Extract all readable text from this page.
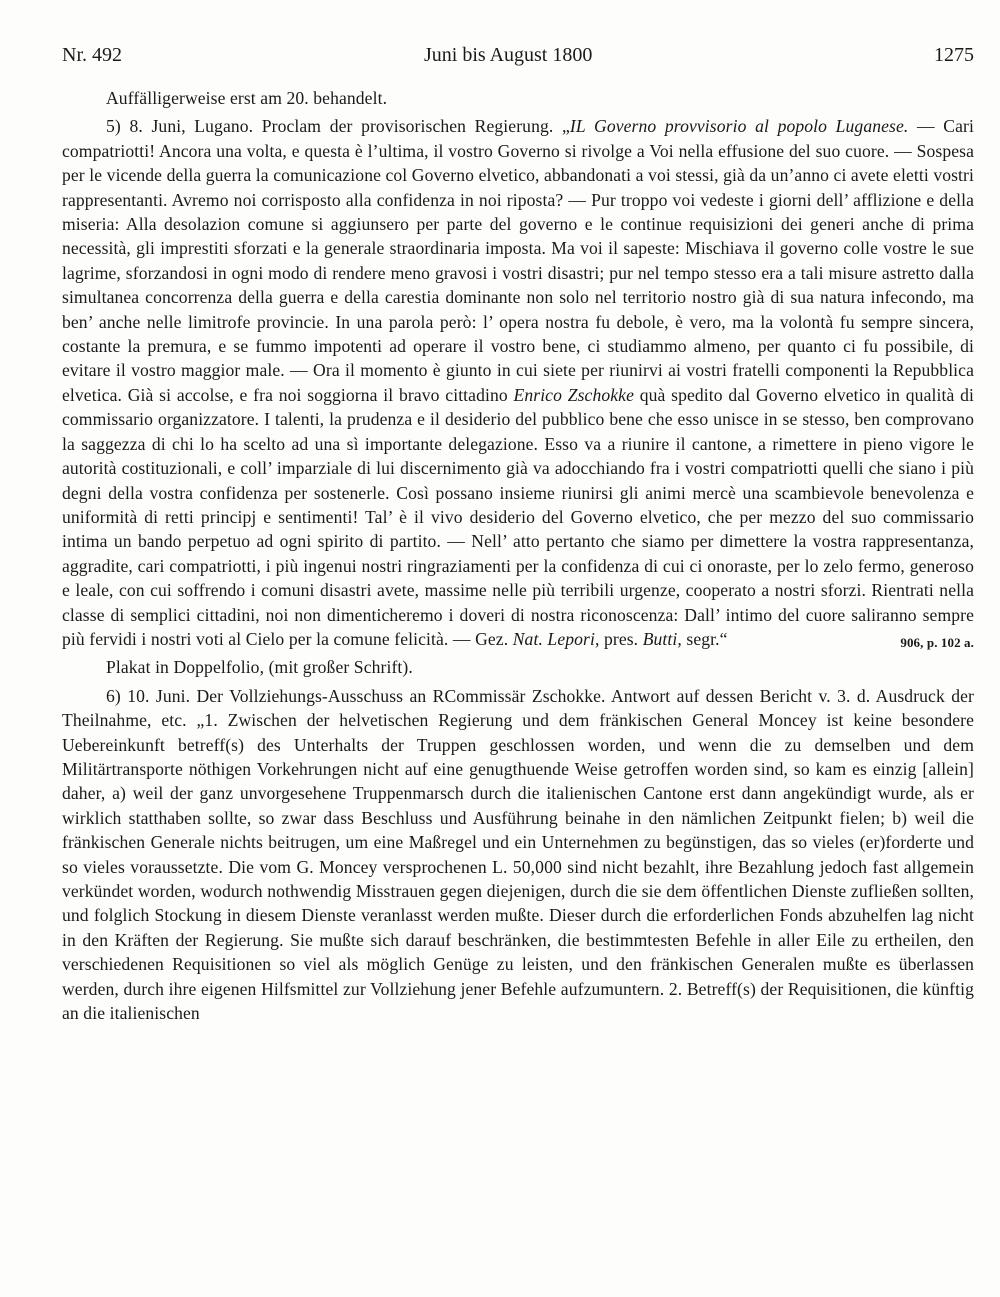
Nr. 492	Juni bis August 1800	1275

Auffälligerweise erst am 20. behandelt.

5) 8. Juni, Lugano. Proclam der provisorischen Regierung. „IL Governo provvisorio al popolo Luganese. — Cari compatriotti! Ancora una volta, e questa è l’ultima, il vostro Governo si rivolge a Voi nella effusione del suo cuore. — Sospesa per le vicende della guerra la comunicazione col Governo elvetico, abbandonati a voi stessi, già da un’anno ci avete eletti vostri rappresentanti. Avremo noi corrisposto alla confidenza in noi riposta? — Pur troppo voi vedeste i giorni dell’ afflizione e della miseria: Alla desolazion comune si aggiunsero per parte del governo e le continue requisizioni dei generi anche di prima necessità, gli imprestiti sforzati e la generale straordinaria imposta. Ma voi il sapeste: Mischiava il governo colle vostre le sue lagrime, sforzandosi in ogni modo di rendere meno gravosi i vostri disastri; pur nel tempo stesso era a tali misure astretto dalla simultanea concorrenza della guerra e della carestia dominante non solo nel territorio nostro già di sua natura infecondo, ma ben’ anche nelle limitrofe provincie. In una parola però: l’ opera nostra fu debole, è vero, ma la volontà fu sempre sincera, costante la premura, e se fummo impotenti ad operare il vostro bene, ci studiammo almeno, per quanto ci fu possibile, di evitare il vostro maggior male. — Ora il momento è giunto in cui siete per riunirvi ai vostri fratelli componenti la Repubblica elvetica. Già si accolse, e fra noi soggiorna il bravo cittadino Enrico Zschokke quà spedito dal Governo elvetico in qualità di commissario organizzatore. I talenti, la prudenza e il desiderio del pubblico bene che esso unisce in se stesso, ben comprovano la saggezza di chi lo ha scelto ad una sì importante delegazione. Esso va a riunire il cantone, a rimettere in pieno vigore le autorità costituzionali, e coll’ imparziale di lui discernimento già va adocchiando fra i vostri compatriotti quelli che siano i più degni della vostra confidenza per sostenerle. Così possano insieme riunirsi gli animi mercè una scambievole benevolenza e uniformità di retti principj e sentimenti! Tal’ è il vivo desiderio del Governo elvetico, che per mezzo del suo commissario intima un bando perpetuo ad ogni spirito di partito. — Nell’ atto pertanto che siamo per dimettere la vostra rappresentanza, aggradite, cari compatriotti, i più ingenui nostri ringraziamenti per la confidenza di cui ci onoraste, per lo zelo fermo, generoso e leale, con cui soffrendo i comuni disastri avete, massime nelle più terribili urgenze, cooperato a nostri sforzi. Rientrati nella classe di semplici cittadini, noi non dimenticheremo i doveri di nostra riconoscenza: Dall’ intimo del cuore saliranno sempre più fervidi i nostri voti al Cielo per la comune felicità. — Gez. Nat. Lepori, pres. Butti, segr.“	906, p. 102 a.

Plakat in Doppelfolio, (mit großer Schrift).

6) 10. Juni. Der Vollziehungs-Ausschuss an RCommissär Zschokke. Antwort auf dessen Bericht v. 3. d. Ausdruck der Theilnahme, etc. „1. Zwischen der helvetischen Regierung und dem fränkischen General Moncey ist keine besondere Uebereinkunft betreff(s) des Unterhalts der Truppen geschlossen worden, und wenn die zu demselben und dem Militärtransporte nöthigen Vorkehrungen nicht auf eine genugthuende Weise getroffen worden sind, so kam es einzig [allein] daher, a) weil der ganz unvorgesehene Truppenmarsch durch die italienischen Cantone erst dann angekündigt wurde, als er wirklich statthaben sollte, so zwar dass Beschluss und Ausführung beinahe in den nämlichen Zeitpunkt fielen; b) weil die fränkischen Generale nichts beitrugen, um eine Maßregel und ein Unternehmen zu begünstigen, das so vieles (er)forderte und so vieles voraussetzte. Die vom G. Moncey versprochenen L. 50,000 sind nicht bezahlt, ihre Bezahlung jedoch fast allgemein verkündet worden, wodurch nothwendig Misstrauen gegen diejenigen, durch die sie dem öffentlichen Dienste zufließen sollten, und folglich Stockung in diesem Dienste veranlasst werden mußte. Dieser durch die erforderlichen Fonds abzuhelfen lag nicht in den Kräften der Regierung. Sie mußte sich darauf beschränken, die bestimmtesten Befehle in aller Eile zu ertheilen, den verschiedenen Requisitionen so viel als möglich Genüge zu leisten, und den fränkischen Generalen mußte es überlassen werden, durch ihre eigenen Hilfsmittel zur Vollziehung jener Befehle aufzumuntern. 2. Betreff(s) der Requisitionen, die künftig an die italienischen
